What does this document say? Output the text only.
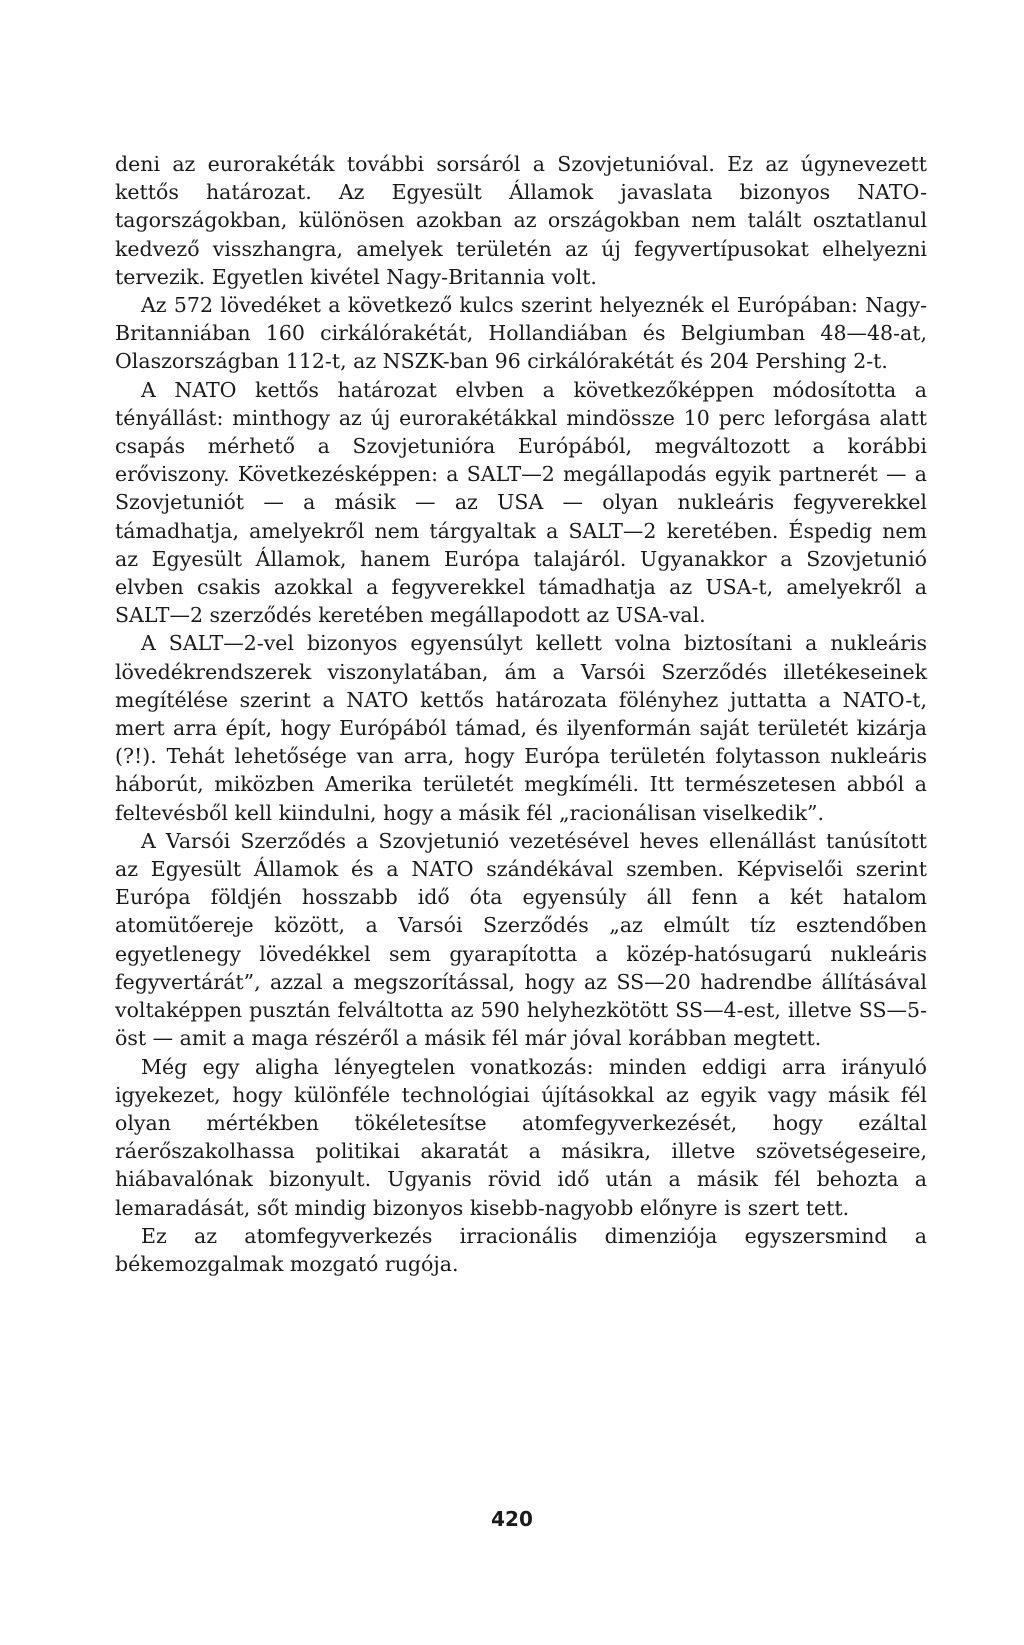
deni az eurorakéták további sorsáról a Szovjetunióval. Ez az úgynevezett kettős határozat. Az Egyesült Államok javaslata bizonyos NATO-tagországokban, különösen azokban az országokban nem talált osztatlanul kedvező visszhangra, amelyek területén az új fegyvertípusokat elhelyezni tervezik. Egyetlen kivétel Nagy-Britannia volt.

Az 572 lövedéket a következő kulcs szerint helyeznék el Európában: Nagy-Britanniában 160 cirkálórakétát, Hollandiában és Belgiumban 48—48-at, Olaszországban 112-t, az NSZK-ban 96 cirkálórakétát és 204 Pershing 2-t.

A NATO kettős határozat elvben a következőképpen módosította a tényállást: minthogy az új eurorakétákkal mindössze 10 perc leforgása alatt csapás mérhető a Szovjetunióra Európából, megváltozott a korábbi erőviszony. Következésképpen: a SALT—2 megállapodás egyik partnerét — a Szovjetuniót — a másik — az USA — olyan nukleáris fegyverekkel támadhatja, amelyekről nem tárgyaltak a SALT—2 keretében. Éspedig nem az Egyesült Államok, hanem Európa talajáról. Ugyanakkor a Szovjetunió elvben csakis azokkal a fegyverekkel támadhatja az USA-t, amelyekről a SALT—2 szerződés keretében megállapodott az USA-val.

A SALT—2-vel bizonyos egyensúlyt kellett volna biztosítani a nukleáris lövedékrendszerek viszonylatában, ám a Varsói Szerződés illetékeseinek megítélése szerint a NATO kettős határozata fölényhez juttatta a NATO-t, mert arra épít, hogy Európából támad, és ilyenformán saját területét kizárja (?!). Tehát lehetősége van arra, hogy Európa területén folytasson nukleáris háborút, miközben Amerika területét megkíméli. Itt természetesen abból a feltevésből kell kiindulni, hogy a másik fél „racionálisan viselkedik”.

A Varsói Szerződés a Szovjetunió vezetésével heves ellenállást tanúsított az Egyesült Államok és a NATO szándékával szemben. Képviselői szerint Európa földjén hosszabb idő óta egyensúly áll fenn a két hatalom atomütőereje között, a Varsói Szerződés „az elmúlt tíz esztendőben egyetlenegy lövedékkel sem gyarapította a közép-hatósugarú nukleáris fegyvertárát”, azzal a megszorítással, hogy az SS—20 hadrendbe állításával voltaképpen pusztán felváltotta az 590 helyhezkötött SS—4-est, illetve SS—5-öst — amit a maga részéről a másik fél már jóval korábban megtett.

Még egy aligha lényegtelen vonatkozás: minden eddigi arra irányuló igyekezet, hogy különféle technológiai újításokkal az egyik vagy másik fél olyan mértékben tökéletesítse atomfegyverkezését, hogy ezáltal ráerőszakolhassa politikai akaratát a másikra, illetve szövetségeseire, hiábavalónak bizonyult. Ugyanis rövid idő után a másik fél behozta a lemaradását, sőt mindig bizonyos kisebb-nagyobb előnyre is szert tett.

Ez az atomfegyverkezés irracionális dimenziója egyszersmind a békemozgalmak mozgató rugója.

420
